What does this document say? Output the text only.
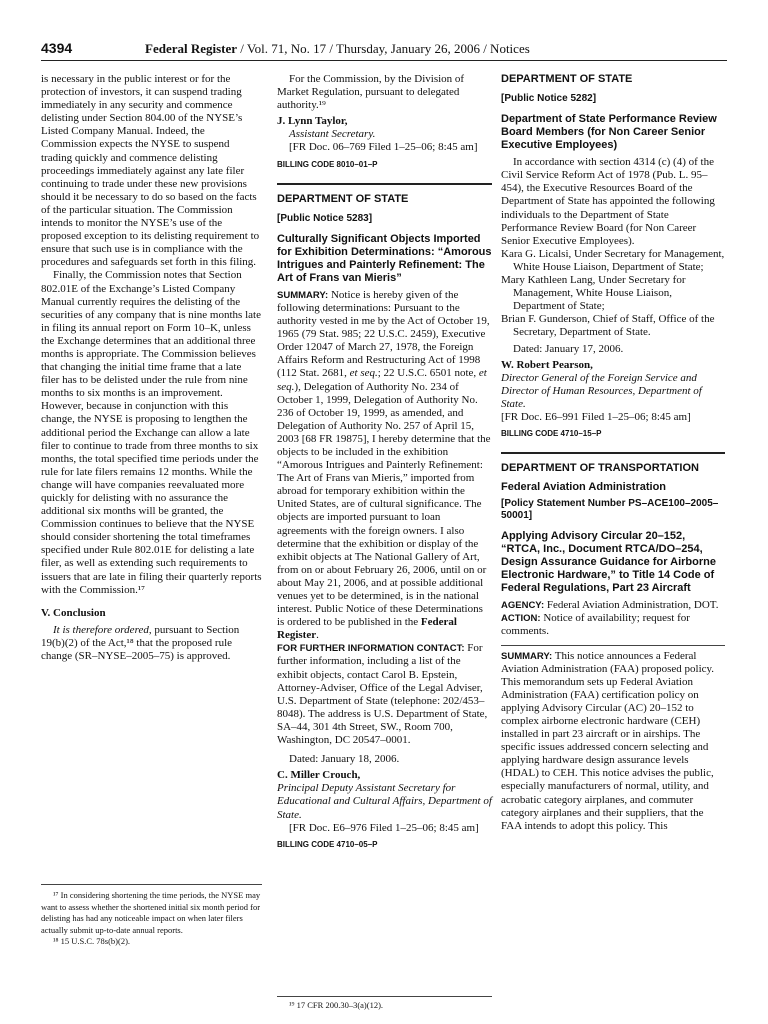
4394	Federal Register / Vol. 71, No. 17 / Thursday, January 26, 2006 / Notices

is necessary in the public interest or for the protection of investors, it can suspend trading immediately in any security and commence delisting under Section 804.00 of the NYSE’s Listed Company Manual. Indeed, the Commission expects the NYSE to suspend trading quickly and commence delisting proceedings immediately against any late filer continuing to trade under these new provisions should it be necessary to do so based on the facts of the particular situation. The Commission intends to monitor the NYSE’s use of the proposed exception to its delisting requirement to ensure that such use is in compliance with the procedures and safeguards set forth in this filing.

Finally, the Commission notes that Section 802.01E of the Exchange’s Listed Company Manual currently requires the delisting of the securities of any company that is nine months late in filing its annual report on Form 10–K, unless the Exchange determines that an additional three months is appropriate. The Commission believes that changing the initial time frame that a late filer has to be delisted under the rule from nine months to six months is an improvement. However, because in conjunction with this change, the NYSE is proposing to lengthen the additional period the Exchange can allow a late filer to continue to trade from three months to six months, the total specified time periods under the rule for late filers remains 12 months. While the change will have companies reevaluated more quickly for delisting with no assurance the additional six months will be granted, the Commission continues to believe that the NYSE should consider shortening the total timeframes specified under Rule 802.01E for delisting a late filer, as well as extending such requirements to issuers that are late in filing their quarterly reports with the Commission.¹⁷

V. Conclusion

It is therefore ordered, pursuant to Section 19(b)(2) of the Act,¹⁸ that the proposed rule change (SR–NYSE–2005–75) is approved.

¹⁷ In considering shortening the time periods, the NYSE may want to assess whether the shortened initial six month period for delisting has had any noticeable impact on when later filers actually submit up-to-date annual reports.

¹⁸ 15 U.S.C. 78s(b)(2).

For the Commission, by the Division of Market Regulation, pursuant to delegated authority.¹⁹

J. Lynn Taylor,

Assistant Secretary.

[FR Doc. 06–769 Filed 1–25–06; 8:45 am]

BILLING CODE 8010–01–P

DEPARTMENT OF STATE

[Public Notice 5283]

Culturally Significant Objects Imported for Exhibition Determinations: “Amorous Intrigues and Painterly Refinement: The Art of Frans van Mieris”

SUMMARY: Notice is hereby given of the following determinations: Pursuant to the authority vested in me by the Act of October 19, 1965 (79 Stat. 985; 22 U.S.C. 2459), Executive Order 12047 of March 27, 1978, the Foreign Affairs Reform and Restructuring Act of 1998 (112 Stat. 2681, et seq.; 22 U.S.C. 6501 note, et seq.), Delegation of Authority No. 234 of October 1, 1999, Delegation of Authority No. 236 of October 19, 1999, as amended, and Delegation of Authority No. 257 of April 15, 2003 [68 FR 19875], I hereby determine that the objects to be included in the exhibition “Amorous Intrigues and Painterly Refinement: The Art of Frans van Mieris,” imported from abroad for temporary exhibition within the United States, are of cultural significance. The objects are imported pursuant to loan agreements with the foreign owners. I also determine that the exhibition or display of the exhibit objects at The National Gallery of Art, from on or about February 26, 2006, until on or about May 21, 2006, and at possible additional venues yet to be determined, is in the national interest. Public Notice of these Determinations is ordered to be published in the Federal Register.

FOR FURTHER INFORMATION CONTACT: For further information, including a list of the exhibit objects, contact Carol B. Epstein, Attorney-Adviser, Office of the Legal Adviser, U.S. Department of State (telephone: 202/453–8048). The address is U.S. Department of State, SA–44, 301 4th Street, SW., Room 700, Washington, DC 20547–0001.

Dated: January 18, 2006.

C. Miller Crouch,

Principal Deputy Assistant Secretary for Educational and Cultural Affairs, Department of State.

[FR Doc. E6–976 Filed 1–25–06; 8:45 am]

BILLING CODE 4710–05–P

¹⁹ 17 CFR 200.30–3(a)(12).

DEPARTMENT OF STATE

[Public Notice 5282]

Department of State Performance Review Board Members (for Non Career Senior Executive Employees)

In accordance with section 4314 (c) (4) of the Civil Service Reform Act of 1978 (Pub. L. 95–454), the Executive Resources Board of the Department of State has appointed the following individuals to the Department of State Performance Review Board (for Non Career Senior Executive Employees).

Kara G. Licalsi, Under Secretary for Management, White House Liaison, Department of State;

Mary Kathleen Lang, Under Secretary for Management, White House Liaison, Department of State;

Brian F. Gunderson, Chief of Staff, Office of the Secretary, Department of State.

Dated: January 17, 2006.

W. Robert Pearson,

Director General of the Foreign Service and Director of Human Resources, Department of State.

[FR Doc. E6–991 Filed 1–25–06; 8:45 am]

BILLING CODE 4710–15–P

DEPARTMENT OF TRANSPORTATION

Federal Aviation Administration

[Policy Statement Number PS–ACE100–2005–50001]

Applying Advisory Circular 20–152, “RTCA, Inc., Document RTCA/DO–254, Design Assurance Guidance for Airborne Electronic Hardware,” to Title 14 Code of Federal Regulations, Part 23 Aircraft

AGENCY: Federal Aviation Administration, DOT.

ACTION: Notice of availability; request for comments.

SUMMARY: This notice announces a Federal Aviation Administration (FAA) proposed policy. This memorandum sets up Federal Aviation Administration (FAA) certification policy on applying Advisory Circular (AC) 20–152 to complex airborne electronic hardware (CEH) installed in part 23 aircraft or in airships. The specific issues addressed concern selecting and applying hardware design assurance levels (HDAL) to CEH. This notice advises the public, especially manufacturers of normal, utility, and acrobatic category airplanes, and commuter category airplanes and their suppliers, that the FAA intends to adopt this policy. This
